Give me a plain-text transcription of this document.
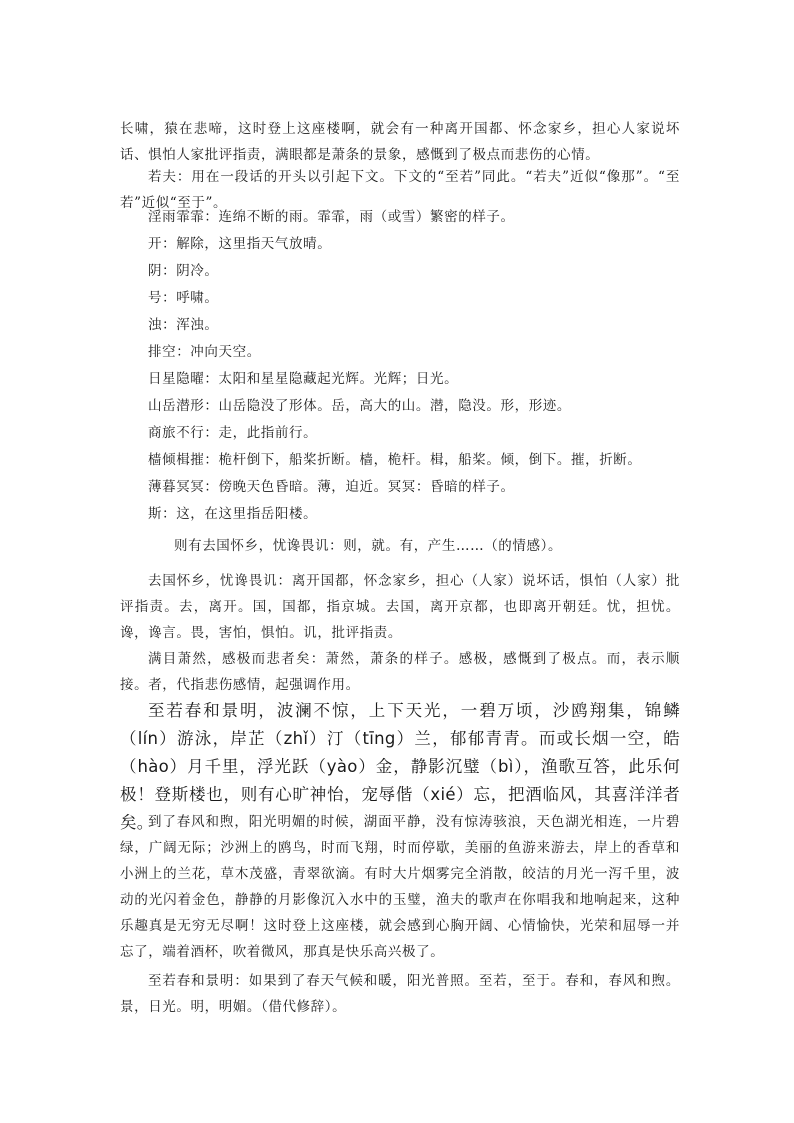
长啸，猿在悲啼，这时登上这座楼啊，就会有一种离开国都、怀念家乡，担心人家说坏话、惧怕人家批评指责，满眼都是萧条的景象，感慨到了极点而悲伤的心情。

若夫：用在一段话的开头以引起下文。下文的“至若”同此。“若夫”近似“像那”。“至若”近似“至于”。

淫雨霏霏：连绵不断的雨。霏霏，雨（或雪）繁密的样子。

开：解除，这里指天气放晴。

阴：阴冷。

号：呼啸。

浊：浑浊。

排空：冲向天空。

日星隐曜：太阳和星星隐藏起光辉。光辉；日光。

山岳潜形：山岳隐没了形体。岳，高大的山。潜，隐没。形，形迹。

商旅不行：走，此指前行。

樯倾楫摧：桅杆倒下，船桨折断。樯，桅杆。楫，船桨。倾，倒下。摧，折断。

薄暮冥冥：傍晚天色昏暗。薄，迫近。冥冥：昏暗的样子。

斯：这，在这里指岳阳楼。

则有去国怀乡，忧谗畏讥：则，就。有，产生……（的情感）。

去国怀乡，忧谗畏讥：离开国都，怀念家乡，担心（人家）说坏话，惧怕（人家）批评指责。去，离开。国，国都，指京城。去国，离开京都，也即离开朝廷。忧，担忧。谗，谗言。畏，害怕，惧怕。讥，批评指责。

满目萧然，感极而悲者矣：萧然，萧条的样子。感极，感慨到了极点。而，表示顺接。者，代指悲伤感情，起强调作用。

至若春和景明，波澜不惊，上下天光，一碧万顷，沙鸥翔集，锦鳞（lín）游泳，岸芷（zhǐ）汀（tīng）兰，郁郁青青。而或长烟一空，皓（hào）月千里，浮光跃（yào）金，静影沉璧（bì），渔歌互答，此乐何极！登斯楼也，则有心旷神怡，宠辱偕（xié）忘，把酒临风，其喜洋洋者矣。

到了春风和煦，阳光明媚的时候，湖面平静，没有惊涛骇浪，天色湖光相连，一片碧绿，广阔无际；沙洲上的鸥鸟，时而飞翔，时而停歇，美丽的鱼游来游去，岸上的香草和小洲上的兰花，草木茂盛，青翠欲滴。有时大片烟雾完全消散，皎洁的月光一泻千里，波动的光闪着金色，静静的月影像沉入水中的玉璧，渔夫的歌声在你唱我和地响起来，这种乐趣真是无穷无尽啊！这时登上这座楼，就会感到心胸开阔、心情愉快，光荣和屈辱一并忘了，端着酒杯，吹着微风，那真是快乐高兴极了。

至若春和景明：如果到了春天气候和暖，阳光普照。至若，至于。春和，春风和煦。景，日光。明，明媚。（借代修辞）。
